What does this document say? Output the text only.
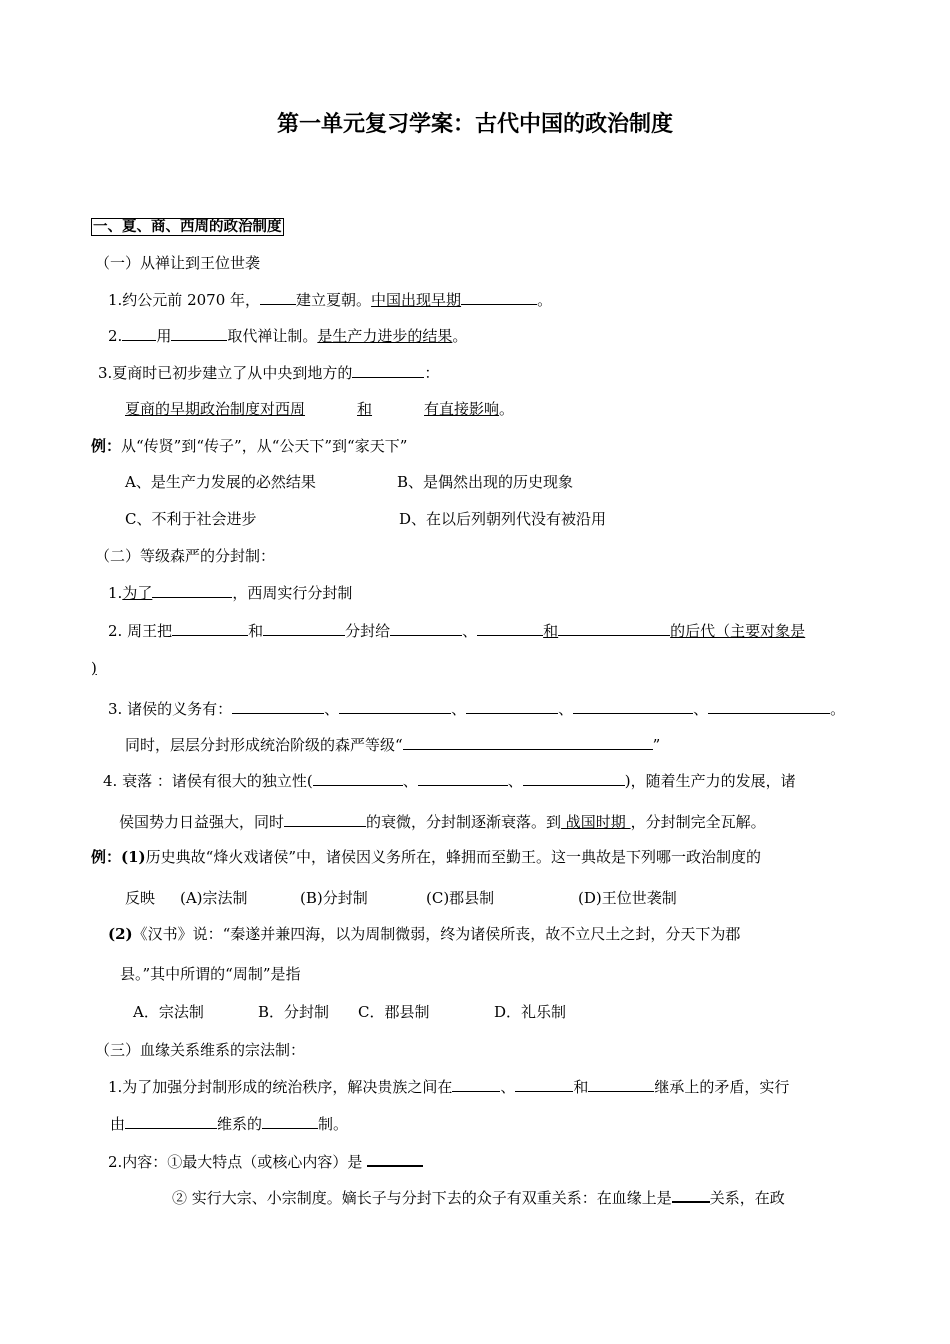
第一单元复习学案：古代中国的政治制度
一、夏、商、西周的政治制度
（一）从禅让到王位世袭
1.约公元前 2070 年， 建立夏朝。中国出现早期	。
2. 用	取代禅让制。是生产力进步的结果。
3.夏商时已初步建立了从中央到地方的	：
夏商的早期政治制度对西周	和	有直接影响。
例：从“传贤”到“传子”，从“公天下”到“家天下”
A、是生产力发展的必然结果	B、是偶然出现的历史现象
C、不利于社会进步	D、在以后列朝列代没有被沿用
（二）等级森严的分封制：
1.为了	，西周实行分封制
2. 周王把	和	分封给	、	和	的后代（主要对象是
)
3. 诸侯的义务有：	、	、	、	、	。
同时，层层分封形成统治阶级的森严等级“	”
4. 衰落 ：诸侯有很大的独立性(	、	、	)，随着生产力的发展，诸
侯国势力日益强大，同时	的衰微，分封制逐渐衰落。到 战国时期 ，分封制完全瓦解。
例：(1)历史典故“烽火戏诸侯”中，诸侯因义务所在，蜂拥而至勤王。这一典故是下列哪一政治制度的
反映 (A)宗法制	(B)分封制	(C)郡县制	(D)王位世袭制
(2)《汉书》说：“秦遂并兼四海，以为周制微弱，终为诸侯所丧，故不立尺土之封，分天下为郡
县。”其中所谓的“周制”是指
A．宗法制	B．分封制 C．郡县制	D．礼乐制
（三）血缘关系维系的宗法制：
1.为了加强分封制形成的统治秩序，解决贵族之间在	、	和	继承上的矛盾，实行
由	维系的	制。
2.内容：①最大特点（或核心内容）是
② 实行大宗、小宗制度。嫡长子与分封下去的众子有双重关系：在血缘上是	关系，在政
